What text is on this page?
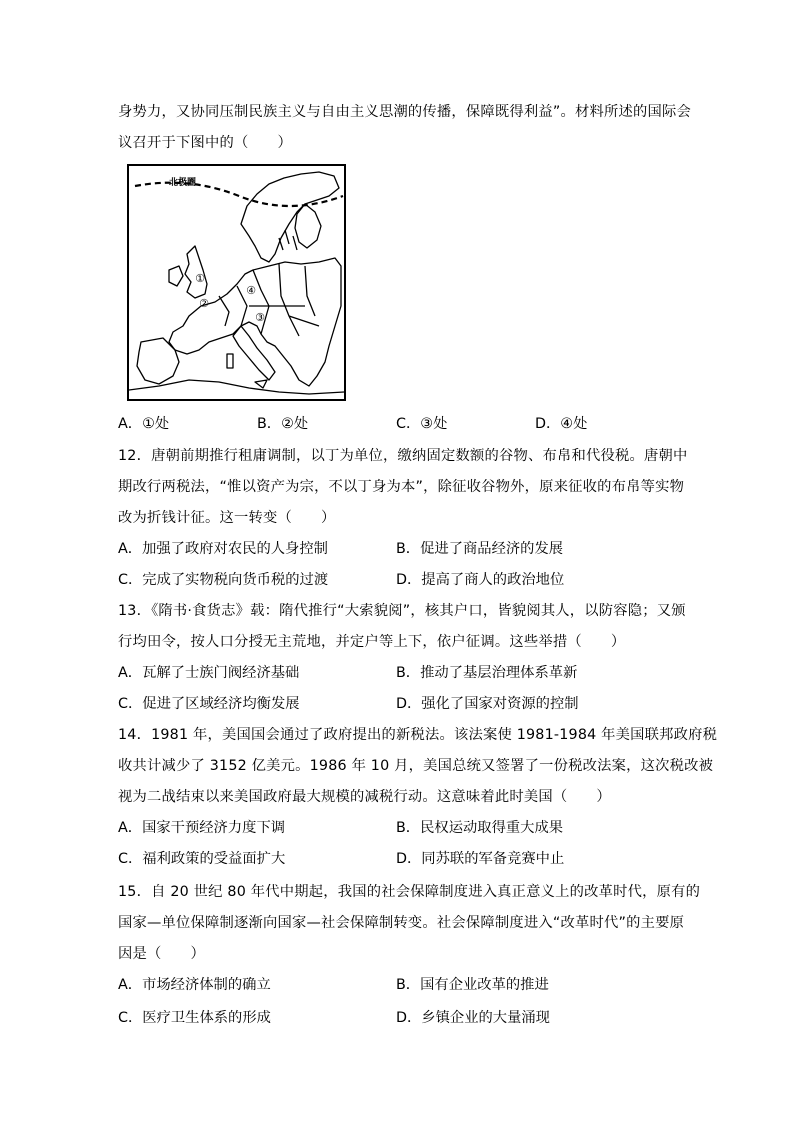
身势力，又协同压制民族主义与自由主义思潮的传播，保障既得利益”。材料所述的国际会
议召开于下图中的（　　）
北极圈
①
②
③
④
A．①处	B．②处	C．③处	D．④处
12．唐朝前期推行租庸调制，以丁为单位，缴纳固定数额的谷物、布帛和代役税。唐朝中
期改行两税法，“惟以资产为宗，不以丁身为本”，除征收谷物外，原来征收的布帛等实物
改为折钱计征。这一转变（　　）
A．加强了政府对农民的人身控制	B．促进了商品经济的发展
C．完成了实物税向货币税的过渡	D．提高了商人的政治地位
13．《隋书·食货志》载：隋代推行“大索貌阅”，核其户口，皆貌阅其人，以防容隐；又颁
行均田令，按人口分授无主荒地，并定户等上下，依户征调。这些举措（　　）
A．瓦解了士族门阀经济基础	B．推动了基层治理体系革新
C．促进了区域经济均衡发展	D．强化了国家对资源的控制
14．1981 年，美国国会通过了政府提出的新税法。该法案使 1981-1984 年美国联邦政府税
收共计减少了 3152 亿美元。1986 年 10 月，美国总统又签署了一份税改法案，这次税改被
视为二战结束以来美国政府最大规模的减税行动。这意味着此时美国（　　）
A．国家干预经济力度下调	B．民权运动取得重大成果
C．福利政策的受益面扩大	D．同苏联的军备竞赛中止
15．自 20 世纪 80 年代中期起，我国的社会保障制度进入真正意义上的改革时代，原有的
国家—单位保障制逐渐向国家—社会保障制转变。社会保障制度进入“改革时代”的主要原
因是（　　）
A．市场经济体制的确立	B．国有企业改革的推进
C．医疗卫生体系的形成	D．乡镇企业的大量涌现
